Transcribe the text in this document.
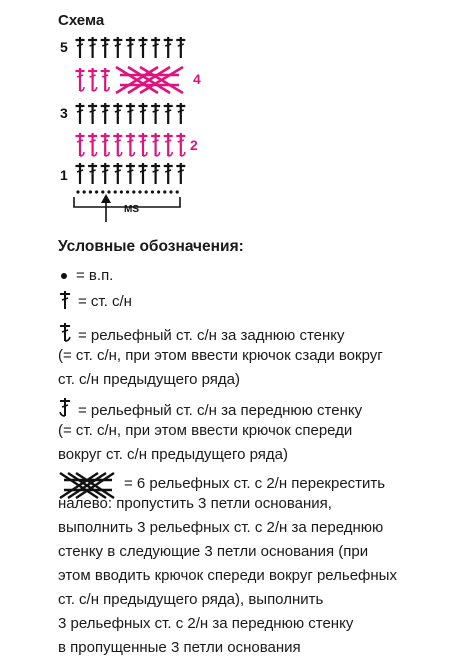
Схема
5
4
3
2
1
MS
Условные обозначения:
= в.п.
= ст. с/н
= рельефный ст. с/н за заднюю стенку
(= ст. с/н, при этом ввести крючок сзади вокруг
ст. с/н предыдущего ряда)
= рельефный ст. с/н за переднюю стенку
(= ст. с/н, при этом ввести крючок спереди
вокруг ст. с/н предыдущего ряда)
= 6 рельефных ст. с 2/н перекрестить
налево: пропустить 3 петли основания,
выполнить 3 рельефных ст. с 2/н за переднюю
стенку в следующие 3 петли основания (при
этом вводить крючок спереди вокруг рельефных
ст. с/н предыдущего ряда), выполнить
3 рельефных ст. с 2/н за переднюю стенку
в пропущенные 3 петли основания
